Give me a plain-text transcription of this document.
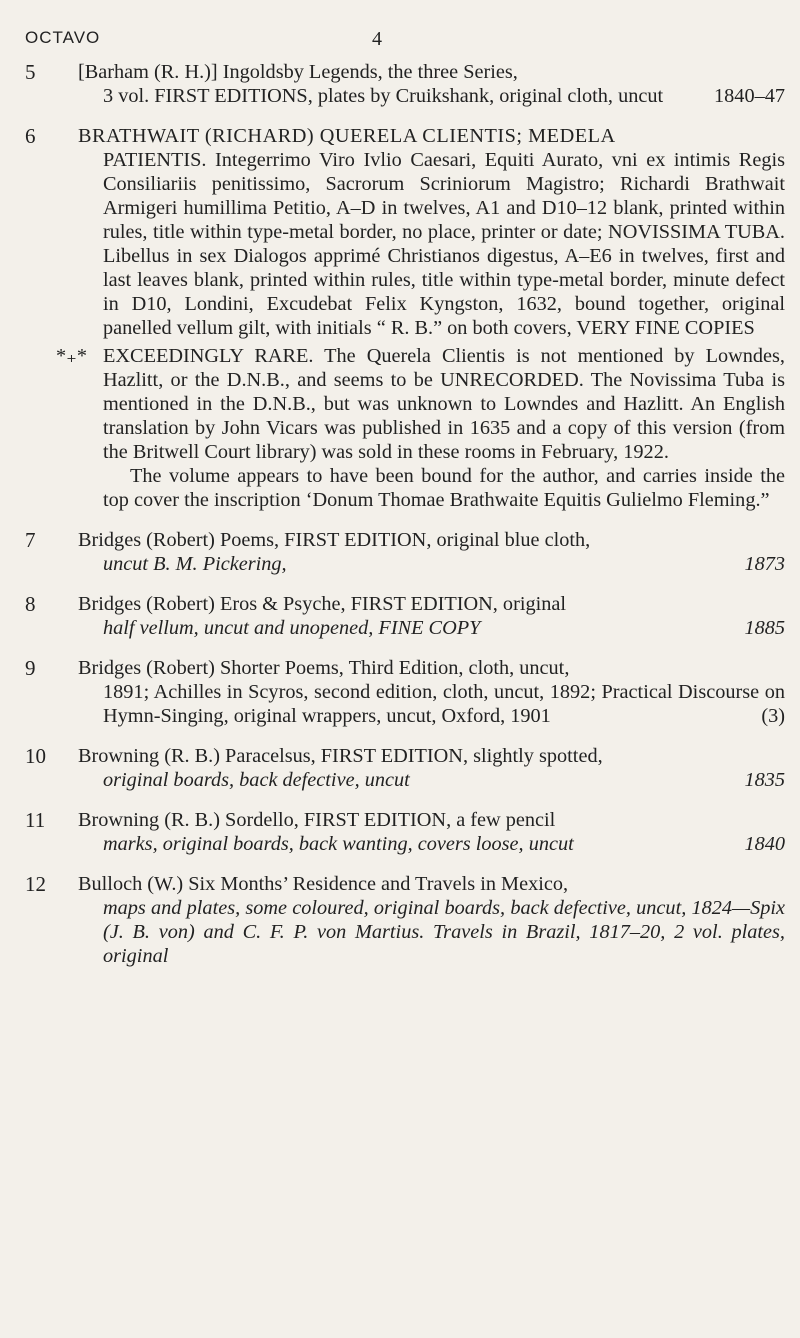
OCTAVO	4
5	[Barham (R. H.)] Ingoldsby Legends, the three Series,
3 vol. FIRST EDITIONS, plates by Cruikshank, original cloth, uncut	1840–47
6	BRATHWAIT (RICHARD) QUERELA CLIENTIS; MEDELA
PATIENTIS. Integerrimo Viro Ivlio Caesari, Equiti Aurato, vni ex intimis Regis Consiliariis penitissimo, Sacrorum Scriniorum Magistro; Richardi Brathwait Armigeri humillima Petitio, A–D in twelves, A1 and D10–12 blank, printed within rules, title within type-metal border, no place, printer or date; NOVISSIMA TUBA. Libellus in sex Dialogos apprimé Christianos digestus, A–E6 in twelves, first and last leaves blank, printed within rules, title within type-metal border, minute defect in D10, Londini, Excudebat Felix Kyngston, 1632, bound together, original panelled vellum gilt, with initials “ R. B.” on both covers, VERY FINE COPIES
*₊* EXCEEDINGLY RARE. The Querela Clientis is not mentioned by Lowndes, Hazlitt, or the D.N.B., and seems to be UNRECORDED. The Novissima Tuba is mentioned in the D.N.B., but was unknown to Lowndes and Hazlitt. An English translation by John Vicars was published in 1635 and a copy of this version (from the Britwell Court library) was sold in these rooms in February, 1922.
The volume appears to have been bound for the author, and carries inside the top cover the inscription ‘Donum Thomae Brathwaite Equitis Gulielmo Fleming.”
7	Bridges (Robert) Poems, FIRST EDITION, original blue cloth,
uncut B. M. Pickering,	1873
8	Bridges (Robert) Eros & Psyche, FIRST EDITION, original
half vellum, uncut and unopened, FINE COPY	1885
9	Bridges (Robert) Shorter Poems, Third Edition, cloth, uncut,
1891; Achilles in Scyros, second edition, cloth, uncut, 1892; Practical Discourse on Hymn-Singing, original wrappers, uncut, Oxford, 1901	(3)
10	Browning (R. B.) Paracelsus, FIRST EDITION, slightly spotted,
original boards, back defective, uncut	1835
11	Browning (R. B.) Sordello, FIRST EDITION, a few pencil
marks, original boards, back wanting, covers loose, uncut	1840
12	Bulloch (W.) Six Months’ Residence and Travels in Mexico,
maps and plates, some coloured, original boards, back defective, uncut, 1824—Spix (J. B. von) and C. F. P. von Martius. Travels in Brazil, 1817–20, 2 vol. plates, original
